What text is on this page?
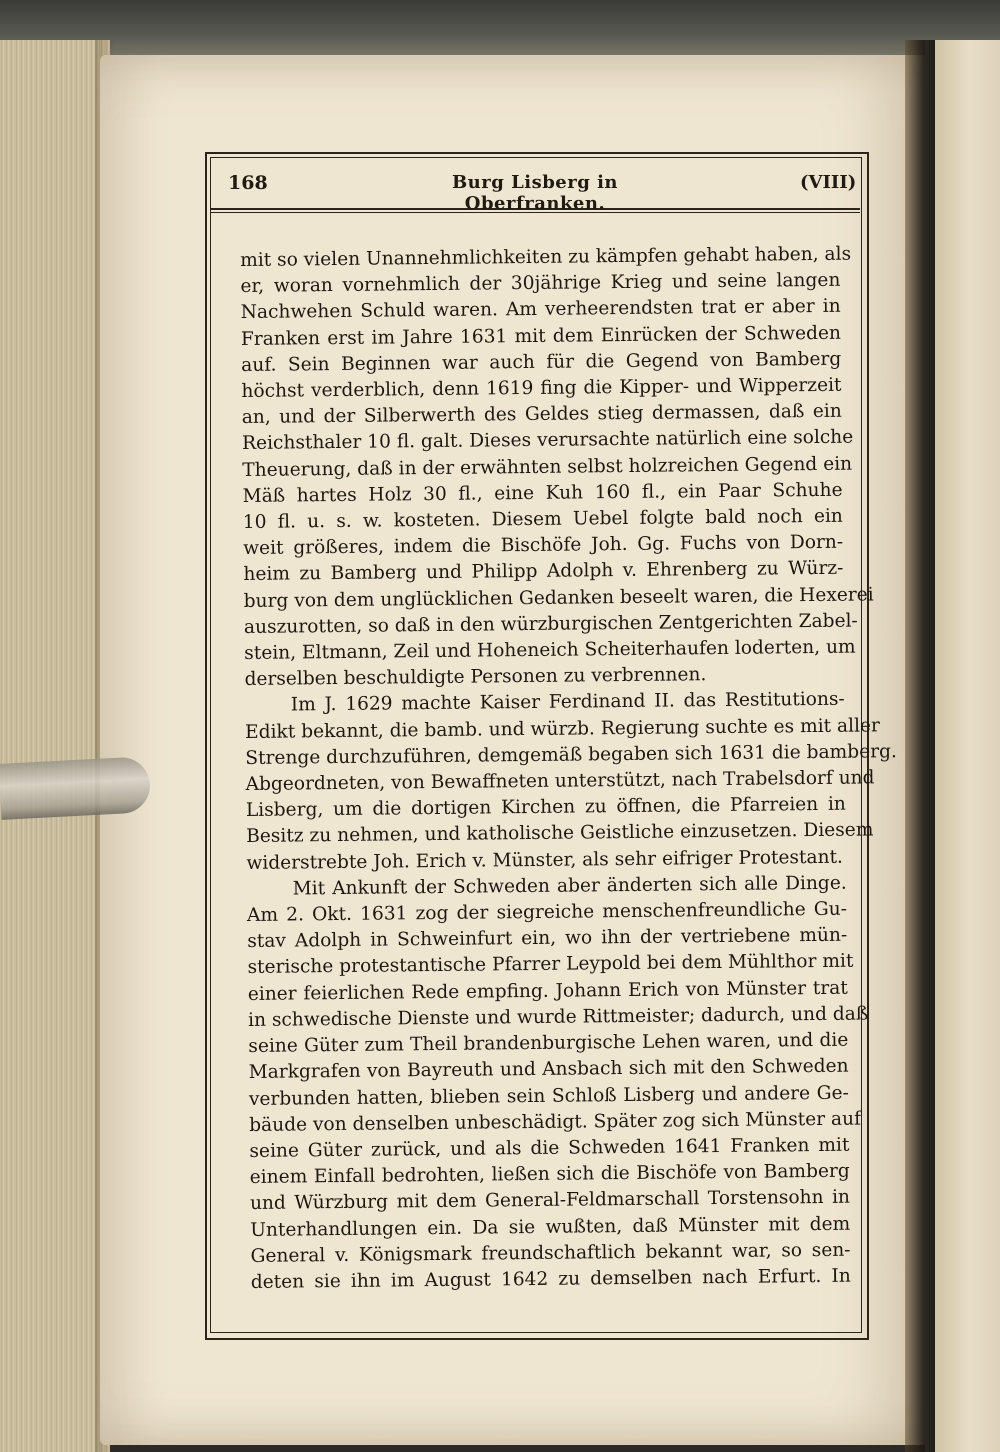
168	Burg Lisberg in Oberfranken.
(VIII)
mit so vielen Unannehmlichkeiten zu kämpfen gehabt haben, als
er, woran vornehmlich der 30jährige Krieg und seine langen
Nachwehen Schuld waren. Am verheerendsten trat er aber in
Franken erst im Jahre 1631 mit dem Einrücken der Schweden
auf. Sein Beginnen war auch für die Gegend von Bamberg
höchst verderblich, denn 1619 fing die Kipper- und Wipperzeit
an, und der Silberwerth des Geldes stieg dermassen, daß ein
Reichsthaler 10 fl. galt. Dieses verursachte natürlich eine solche
Theuerung, daß in der erwähnten selbst holzreichen Gegend ein
Mäß hartes Holz 30 fl., eine Kuh 160 fl., ein Paar Schuhe
10 fl. u. s. w. kosteten. Diesem Uebel folgte bald noch ein
weit größeres, indem die Bischöfe Joh. Gg. Fuchs von Dorn-
heim zu Bamberg und Philipp Adolph v. Ehrenberg zu Würz-
burg von dem unglücklichen Gedanken beseelt waren, die Hexerei
auszurotten, so daß in den würzburgischen Zentgerichten Zabel-
stein, Eltmann, Zeil und Hoheneich Scheiterhaufen loderten, um
derselben beschuldigte Personen zu verbrennen.
Im J. 1629 machte Kaiser Ferdinand II. das Restitutions-
Edikt bekannt, die bamb. und würzb. Regierung suchte es mit aller
Strenge durchzuführen, demgemäß begaben sich 1631 die bamberg.
Abgeordneten, von Bewaffneten unterstützt, nach Trabelsdorf und
Lisberg, um die dortigen Kirchen zu öffnen, die Pfarreien in
Besitz zu nehmen, und katholische Geistliche einzusetzen. Diesem
widerstrebte Joh. Erich v. Münster, als sehr eifriger Protestant.
Mit Ankunft der Schweden aber änderten sich alle Dinge.
Am 2. Okt. 1631 zog der siegreiche menschenfreundliche Gu-
stav Adolph in Schweinfurt ein, wo ihn der vertriebene mün-
sterische protestantische Pfarrer Leypold bei dem Mühlthor mit
einer feierlichen Rede empfing. Johann Erich von Münster trat
in schwedische Dienste und wurde Rittmeister; dadurch, und daß
seine Güter zum Theil brandenburgische Lehen waren, und die
Markgrafen von Bayreuth und Ansbach sich mit den Schweden
verbunden hatten, blieben sein Schloß Lisberg und andere Ge-
bäude von denselben unbeschädigt. Später zog sich Münster auf
seine Güter zurück, und als die Schweden 1641 Franken mit
einem Einfall bedrohten, ließen sich die Bischöfe von Bamberg
und Würzburg mit dem General-Feldmarschall Torstensohn in
Unterhandlungen ein. Da sie wußten, daß Münster mit dem
General v. Königsmark freundschaftlich bekannt war, so sen-
deten sie ihn im August 1642 zu demselben nach Erfurt. In
